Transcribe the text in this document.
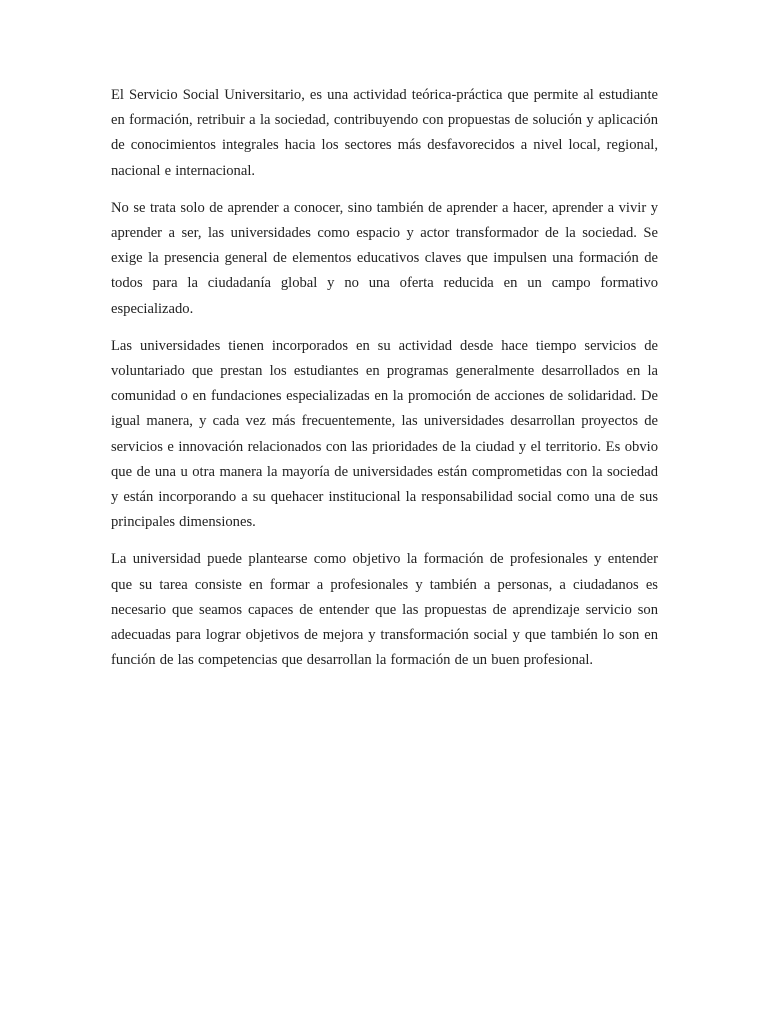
El Servicio Social Universitario, es una actividad teórica-práctica que permite al estudiante en formación, retribuir a la sociedad, contribuyendo con propuestas de solución y aplicación de conocimientos integrales hacia los sectores más desfavorecidos a nivel local, regional, nacional e internacional.

No se trata solo de aprender a conocer, sino también de aprender a hacer, aprender a vivir y aprender a ser, las universidades como espacio y actor transformador de la sociedad. Se exige la presencia general de elementos educativos claves que impulsen una formación de todos para la ciudadanía global y no una oferta reducida en un campo formativo especializado.

Las universidades tienen incorporados en su actividad desde hace tiempo servicios de voluntariado que prestan los estudiantes en programas generalmente desarrollados en la comunidad o en fundaciones especializadas en la promoción de acciones de solidaridad. De igual manera, y cada vez más frecuentemente, las universidades desarrollan proyectos de servicios e innovación relacionados con las prioridades de la ciudad y el territorio. Es obvio que de una u otra manera la mayoría de universidades están comprometidas con la sociedad y están incorporando a su quehacer institucional la responsabilidad social como una de sus principales dimensiones.

La universidad puede plantearse como objetivo la formación de profesionales y entender que su tarea consiste en formar a profesionales y también a personas, a ciudadanos es necesario que seamos capaces de entender que las propuestas de aprendizaje servicio son adecuadas para lograr objetivos de mejora y transformación social y que también lo son en función de las competencias que desarrollan la formación de un buen profesional.
